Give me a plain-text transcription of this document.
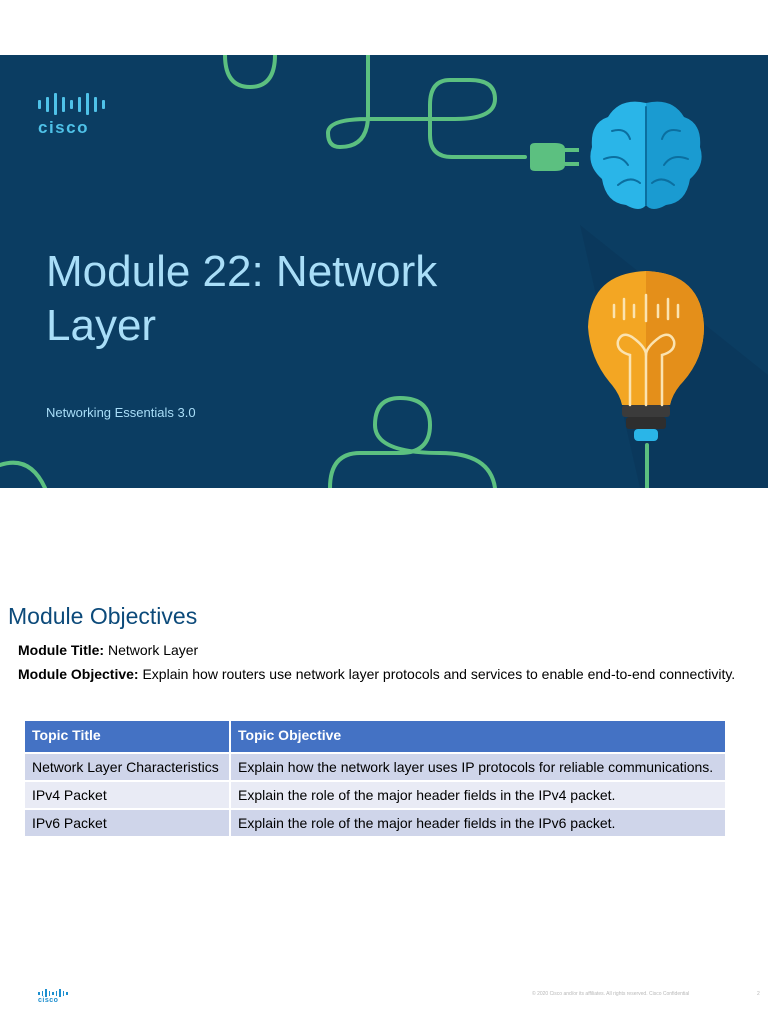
cisco
Module 22: Network Layer
Networking Essentials 3.0
Module Objectives
Module Title: Network Layer
Module Objective: Explain how routers use network layer protocols and services to enable end-to-end connectivity.
Topic Title	Topic Objective
Network Layer Characteristics	Explain how the network layer uses IP protocols for reliable communications.
IPv4 Packet	Explain the role of the major header fields in the IPv4 packet.
IPv6 Packet	Explain the role of the major header fields in the IPv6 packet.
cisco
© 2020 Cisco and/or its affiliates. All rights reserved. Cisco Confidential	2
